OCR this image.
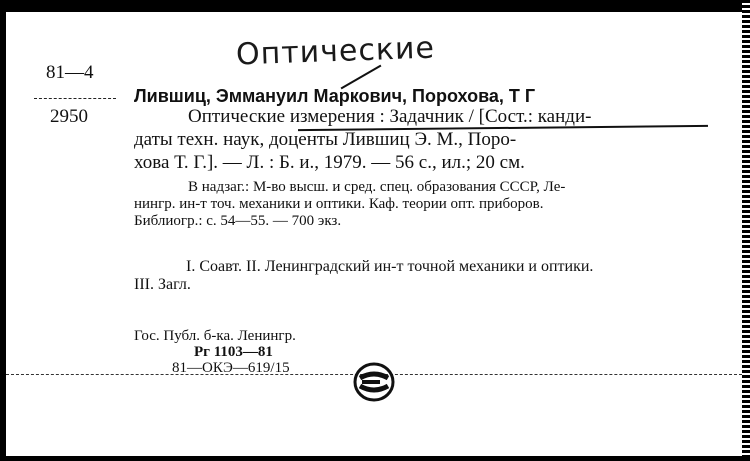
Оптические
81—4
2950
Лившиц, Эммануил Маркович, Порохова, Т Г
Оптические измерения : Задачник / [Сост.: канди-
даты техн. наук, доценты Лившиц Э. М., Поро-
хова Т. Г.]. — Л. : Б. и., 1979. — 56 с., ил.; 20 см.
В надзаг.: М-во высш. и сред. спец. образования СССР, Ле-
нингр. ин-т точ. механики и оптики. Каф. теории опт. приборов.
Библиогр.: с. 54—55. — 700 экз.
I. Соавт. II. Ленинградский ин-т точной механики и оптики.
III. Загл.
Гос. Публ. б-ка. Ленингр.
Рг 1103—81
81—ОКЭ—619/15
